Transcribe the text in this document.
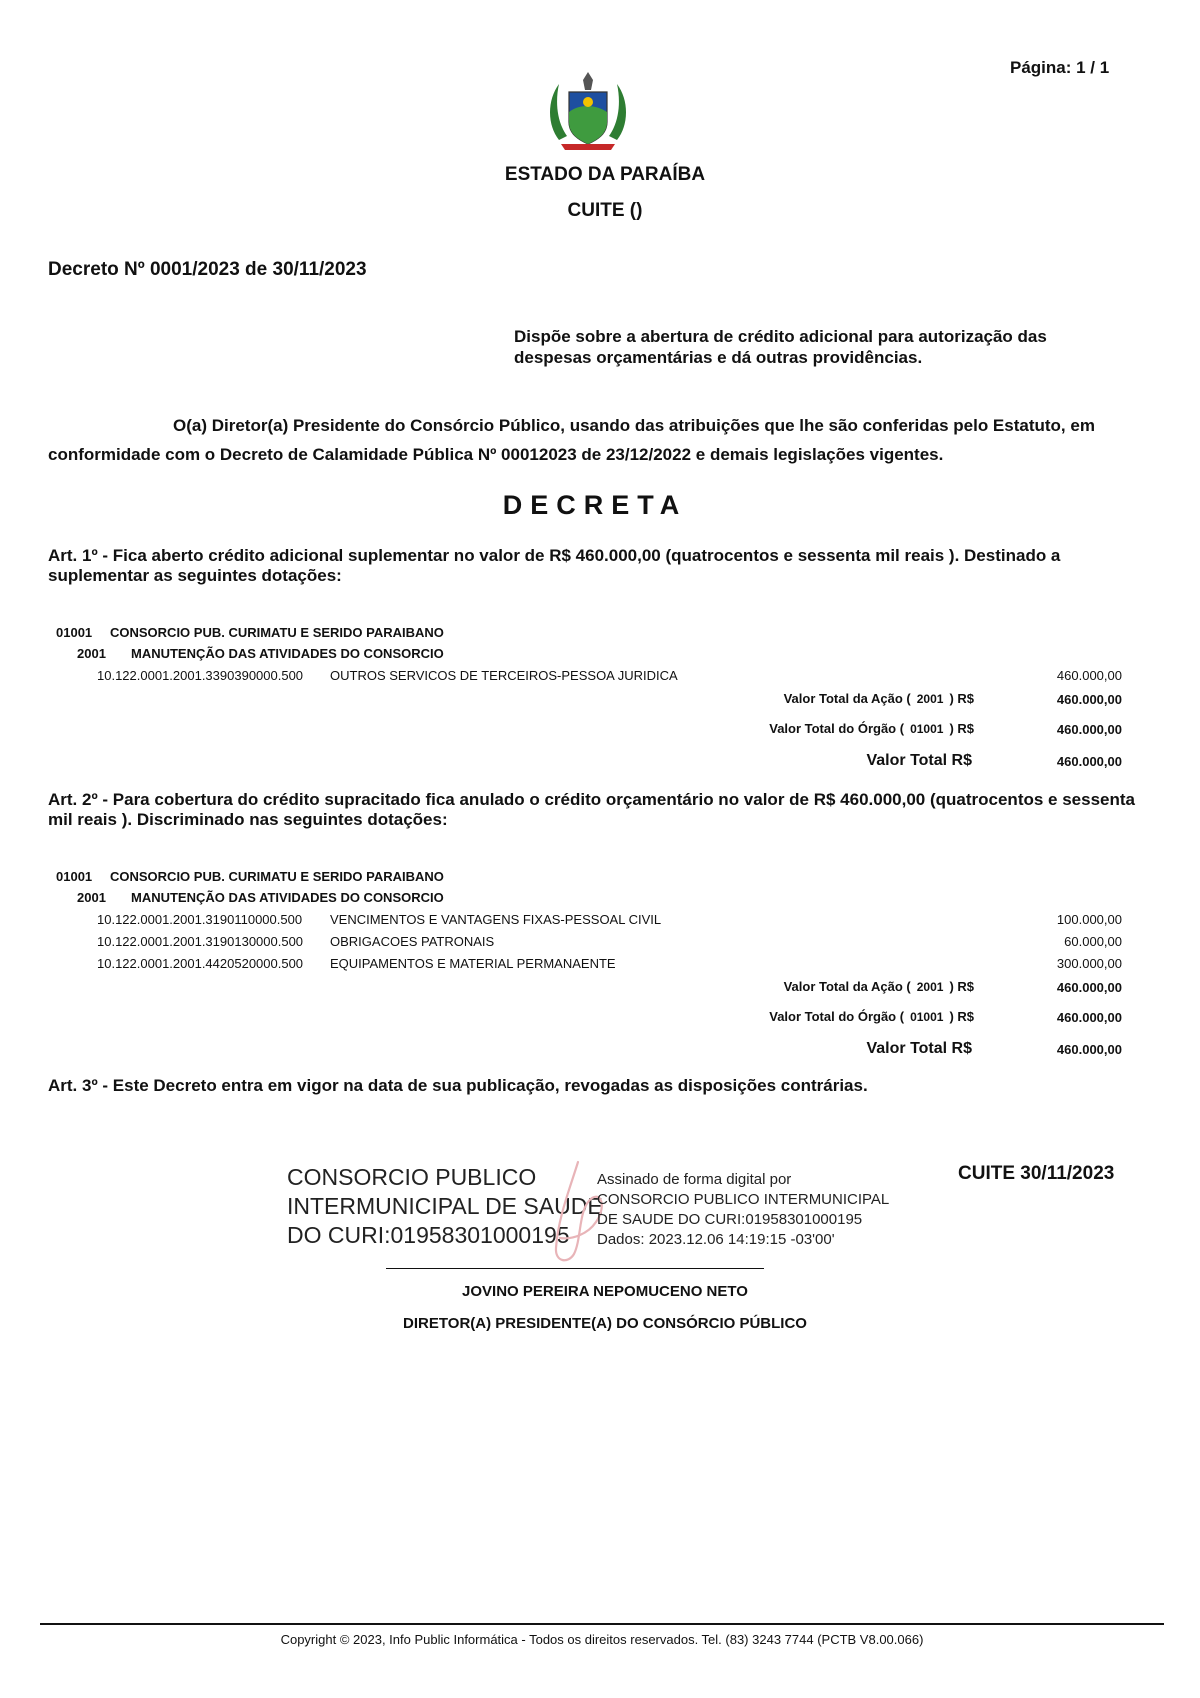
Página: 1 / 1
ESTADO DA PARAÍBA
CUITE ()
Decreto Nº 0001/2023 de 30/11/2023
Dispõe sobre a abertura de crédito adicional para autorização das despesas orçamentárias e dá outras providências.
O(a) Diretor(a) Presidente do Consórcio Público, usando das atribuições que lhe são conferidas pelo Estatuto, em conformidade com o Decreto de Calamidade Pública Nº 00012023 de 23/12/2022 e demais legislações vigentes.
DECRETA
Art. 1º - Fica aberto crédito adicional suplementar no valor de R$ 460.000,00 (quatrocentos e sessenta mil reais ). Destinado a suplementar as seguintes dotações:
01001 CONSORCIO PUB. CURIMATU E SERIDO PARAIBANO
2001 MANUTENÇÃO DAS ATIVIDADES DO CONSORCIO
10.122.0001.2001.3390390000.500 OUTROS SERVICOS DE TERCEIROS-PESSOA JURIDICA	460.000,00
Valor Total da Ação ( 2001 ) R$	460.000,00
Valor Total do Órgão ( 01001 ) R$	460.000,00
Valor Total R$	460.000,00
Art. 2º - Para cobertura do crédito supracitado fica anulado o crédito orçamentário no valor de R$ 460.000,00 (quatrocentos e sessenta mil reais ). Discriminado nas seguintes dotações:
01001 CONSORCIO PUB. CURIMATU E SERIDO PARAIBANO
2001 MANUTENÇÃO DAS ATIVIDADES DO CONSORCIO
10.122.0001.2001.3190110000.500 VENCIMENTOS E VANTAGENS FIXAS-PESSOAL CIVIL	100.000,00
10.122.0001.2001.3190130000.500 OBRIGACOES PATRONAIS	60.000,00
10.122.0001.2001.4420520000.500 EQUIPAMENTOS E MATERIAL PERMANAENTE	300.000,00
Valor Total da Ação ( 2001 ) R$	460.000,00
Valor Total do Órgão ( 01001 ) R$	460.000,00
Valor Total R$	460.000,00
Art. 3º - Este Decreto entra em vigor na data de sua publicação, revogadas as disposições contrárias.
CONSORCIO PUBLICO
INTERMUNICIPAL DE SAUDE
DO CURI:01958301000195
Assinado de forma digital por
CONSORCIO PUBLICO INTERMUNICIPAL
DE SAUDE DO CURI:01958301000195
Dados: 2023.12.06 14:19:15 -03'00'
CUITE 30/11/2023
JOVINO PEREIRA NEPOMUCENO NETO
DIRETOR(A) PRESIDENTE(A) DO CONSÓRCIO PÚBLICO
Copyright © 2023, Info Public Informática - Todos os direitos reservados. Tel. (83) 3243 7744 (PCTB V8.00.066)
